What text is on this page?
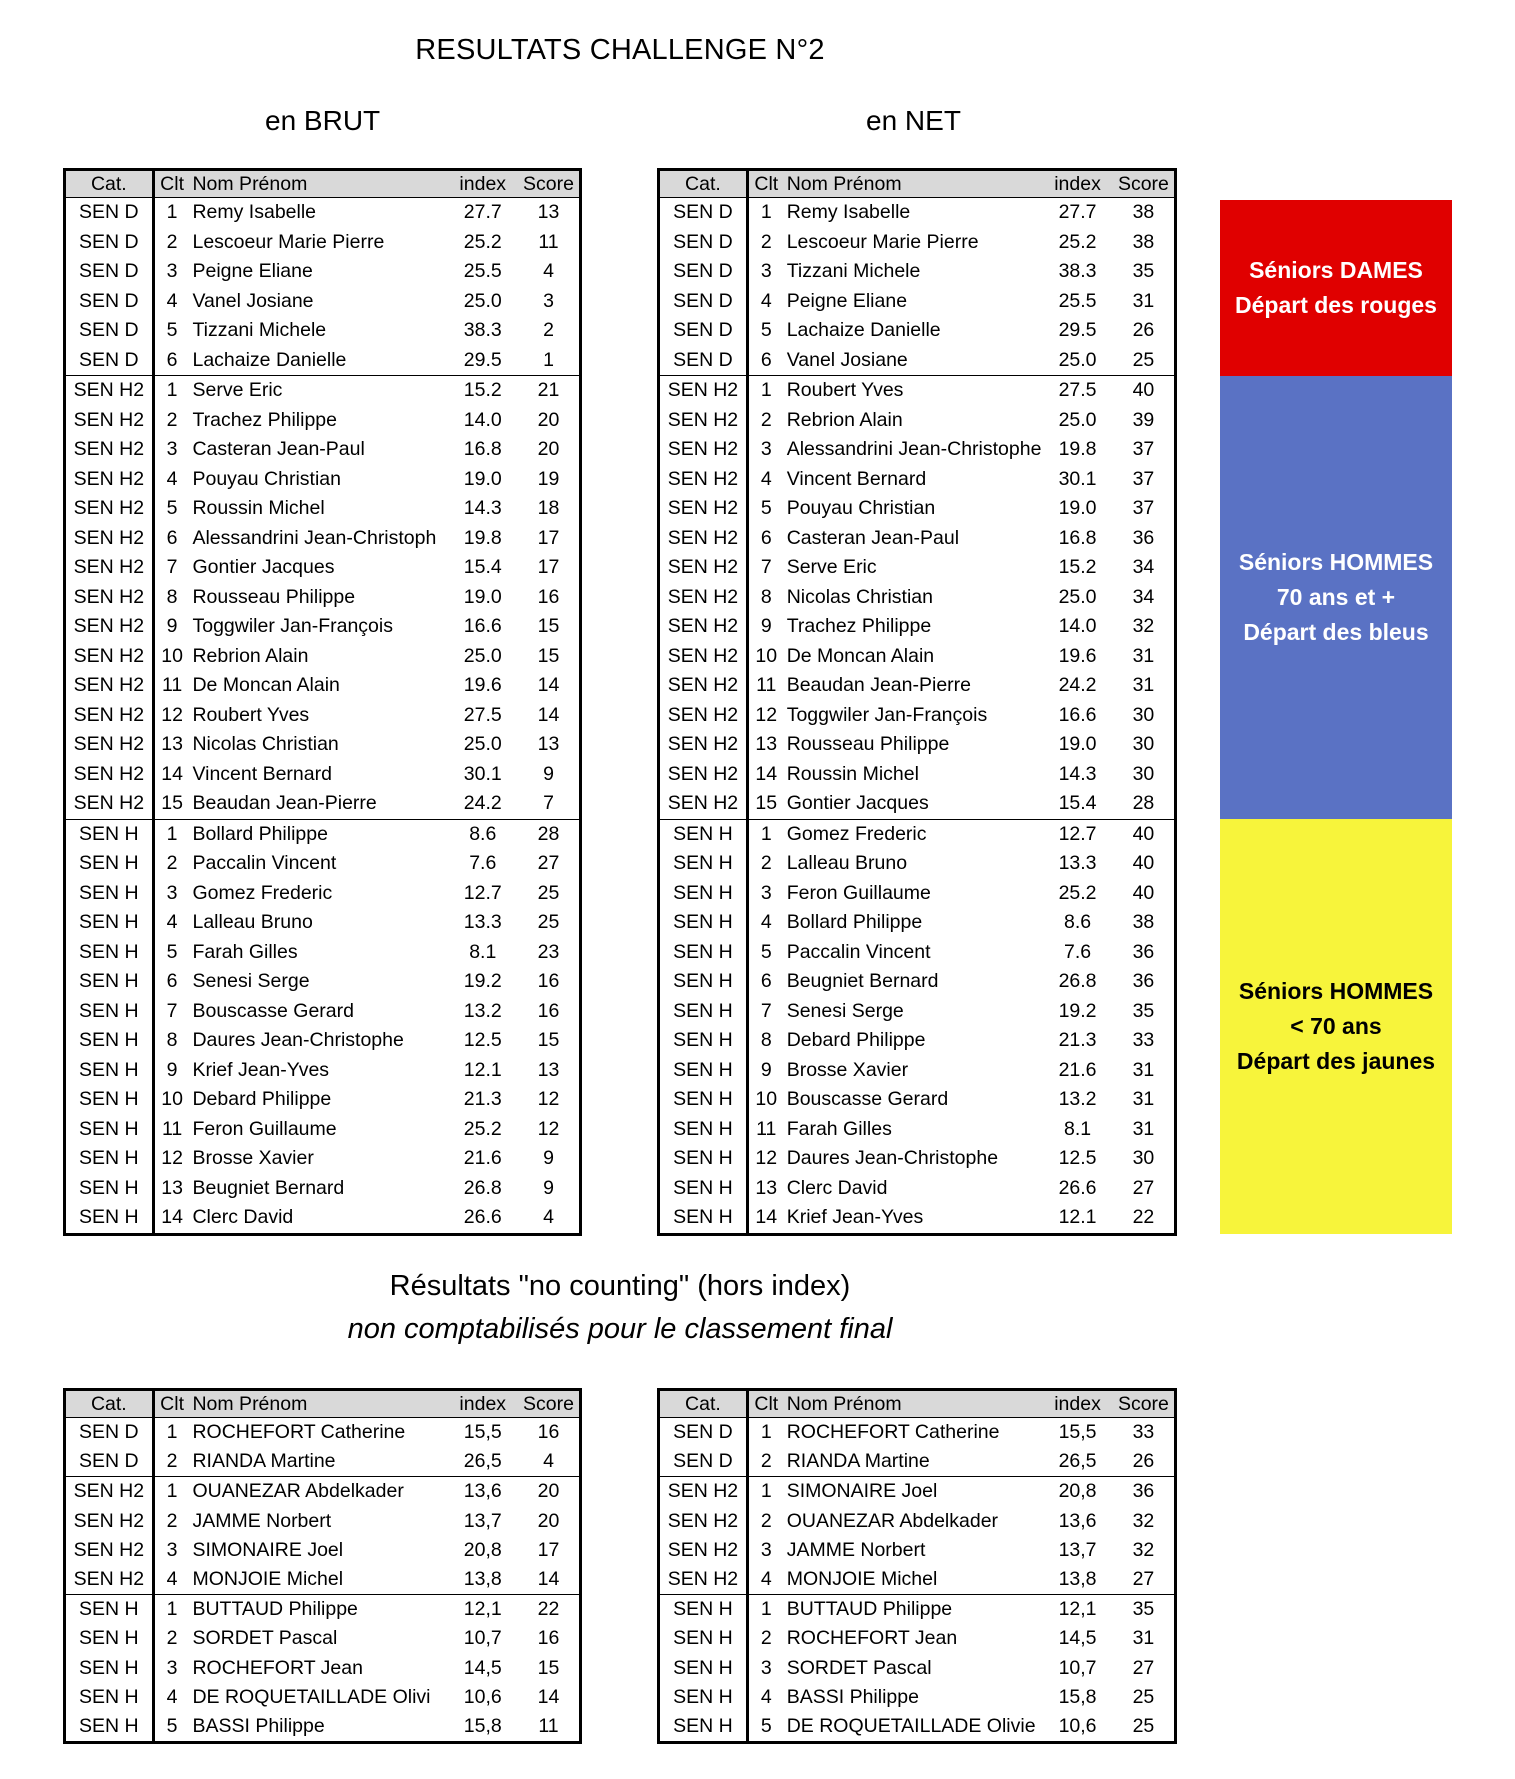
RESULTATS CHALLENGE N°2
en BRUT	en NET
Cat.	Clt	Nom Prénom	index	Score
SEN D	1	Remy Isabelle	27.7	13
SEN D	2	Lescoeur Marie Pierre	25.2	11
SEN D	3	Peigne Eliane	25.5	4
SEN D	4	Vanel Josiane	25.0	3
SEN D	5	Tizzani Michele	38.3	2
SEN D	6	Lachaize Danielle	29.5	1
SEN H2	1	Serve Eric	15.2	21
SEN H2	2	Trachez Philippe	14.0	20
SEN H2	3	Casteran Jean-Paul	16.8	20
SEN H2	4	Pouyau Christian	19.0	19
SEN H2	5	Roussin Michel	14.3	18
SEN H2	6	Alessandrini Jean-Christoph	19.8	17
SEN H2	7	Gontier Jacques	15.4	17
SEN H2	8	Rousseau Philippe	19.0	16
SEN H2	9	Toggwiler Jan-François	16.6	15
SEN H2	10	Rebrion Alain	25.0	15
SEN H2	11	De Moncan Alain	19.6	14
SEN H2	12	Roubert Yves	27.5	14
SEN H2	13	Nicolas Christian	25.0	13
SEN H2	14	Vincent Bernard	30.1	9
SEN H2	15	Beaudan Jean-Pierre	24.2	7
SEN H	1	Bollard Philippe	8.6	28
SEN H	2	Paccalin Vincent	7.6	27
SEN H	3	Gomez Frederic	12.7	25
SEN H	4	Lalleau Bruno	13.3	25
SEN H	5	Farah Gilles	8.1	23
SEN H	6	Senesi Serge	19.2	16
SEN H	7	Bouscasse Gerard	13.2	16
SEN H	8	Daures Jean-Christophe	12.5	15
SEN H	9	Krief Jean-Yves	12.1	13
SEN H	10	Debard Philippe	21.3	12
SEN H	11	Feron Guillaume	25.2	12
SEN H	12	Brosse Xavier	21.6	9
SEN H	13	Beugniet Bernard	26.8	9
SEN H	14	Clerc David	26.6	4
Cat.	Clt	Nom Prénom	index	Score
SEN D	1	Remy Isabelle	27.7	38
SEN D	2	Lescoeur Marie Pierre	25.2	38
SEN D	3	Tizzani Michele	38.3	35
SEN D	4	Peigne Eliane	25.5	31
SEN D	5	Lachaize Danielle	29.5	26
SEN D	6	Vanel Josiane	25.0	25
SEN H2	1	Roubert Yves	27.5	40
SEN H2	2	Rebrion Alain	25.0	39
SEN H2	3	Alessandrini Jean-Christophe	19.8	37
SEN H2	4	Vincent Bernard	30.1	37
SEN H2	5	Pouyau Christian	19.0	37
SEN H2	6	Casteran Jean-Paul	16.8	36
SEN H2	7	Serve Eric	15.2	34
SEN H2	8	Nicolas Christian	25.0	34
SEN H2	9	Trachez Philippe	14.0	32
SEN H2	10	De Moncan Alain	19.6	31
SEN H2	11	Beaudan Jean-Pierre	24.2	31
SEN H2	12	Toggwiler Jan-François	16.6	30
SEN H2	13	Rousseau Philippe	19.0	30
SEN H2	14	Roussin Michel	14.3	30
SEN H2	15	Gontier Jacques	15.4	28
SEN H	1	Gomez Frederic	12.7	40
SEN H	2	Lalleau Bruno	13.3	40
SEN H	3	Feron Guillaume	25.2	40
SEN H	4	Bollard Philippe	8.6	38
SEN H	5	Paccalin Vincent	7.6	36
SEN H	6	Beugniet Bernard	26.8	36
SEN H	7	Senesi Serge	19.2	35
SEN H	8	Debard Philippe	21.3	33
SEN H	9	Brosse Xavier	21.6	31
SEN H	10	Bouscasse Gerard	13.2	31
SEN H	11	Farah Gilles	8.1	31
SEN H	12	Daures Jean-Christophe	12.5	30
SEN H	13	Clerc David	26.6	27
SEN H	14	Krief Jean-Yves	12.1	22
Séniors DAMES
Départ des rouges
Séniors HOMMES
70 ans et +
Départ des bleus
Séniors HOMMES
< 70 ans
Départ des jaunes
Résultats "no counting" (hors index)
non comptabilisés pour le classement final
Cat.	Clt	Nom Prénom	index	Score
SEN D	1	ROCHEFORT Catherine	15,5	16
SEN D	2	RIANDA Martine	26,5	4
SEN H2	1	OUANEZAR Abdelkader	13,6	20
SEN H2	2	JAMME Norbert	13,7	20
SEN H2	3	SIMONAIRE Joel	20,8	17
SEN H2	4	MONJOIE Michel	13,8	14
SEN H	1	BUTTAUD Philippe	12,1	22
SEN H	2	SORDET Pascal	10,7	16
SEN H	3	ROCHEFORT Jean	14,5	15
SEN H	4	DE ROQUETAILLADE Olivi	10,6	14
SEN H	5	BASSI Philippe	15,8	11
Cat.	Clt	Nom Prénom	index	Score
SEN D	1	ROCHEFORT Catherine	15,5	33
SEN D	2	RIANDA Martine	26,5	26
SEN H2	1	SIMONAIRE Joel	20,8	36
SEN H2	2	OUANEZAR Abdelkader	13,6	32
SEN H2	3	JAMME Norbert	13,7	32
SEN H2	4	MONJOIE Michel	13,8	27
SEN H	1	BUTTAUD Philippe	12,1	35
SEN H	2	ROCHEFORT Jean	14,5	31
SEN H	3	SORDET Pascal	10,7	27
SEN H	4	BASSI Philippe	15,8	25
SEN H	5	DE ROQUETAILLADE Olivie	10,6	25
